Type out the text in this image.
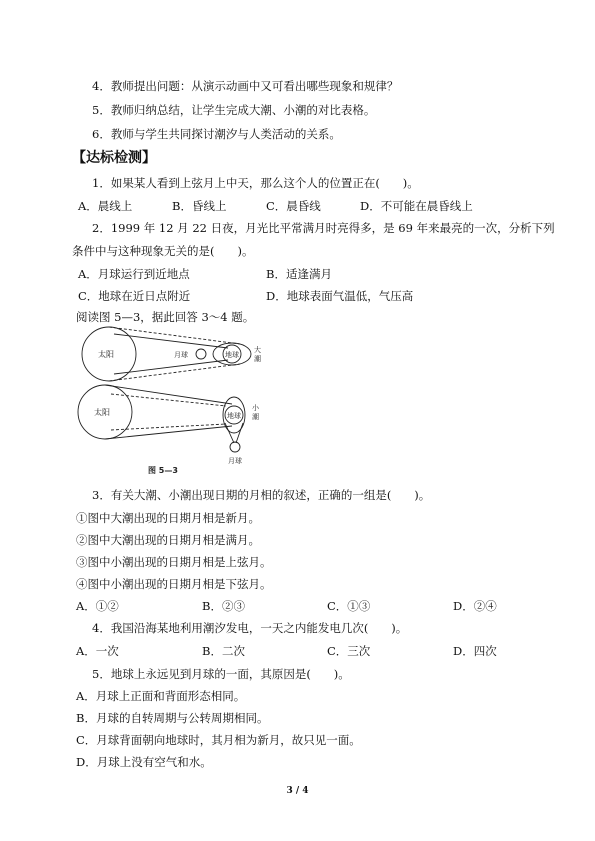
4．教师提出问题：从演示动画中又可看出哪些现象和规律？
5．教师归纳总结，让学生完成大潮、小潮的对比表格。
6．教师与学生共同探讨潮汐与人类活动的关系。
【达标检测】
1．如果某人看到上弦月上中天，那么这个人的位置正在(　　)。
A．晨线上	B．昏线上	C．晨昏线	D．不可能在晨昏线上
2．1999 年 12 月 22 日夜，月光比平常满月时亮得多，是 69 年来最亮的一次，分析下列
条件中与这种现象无关的是(　　)。
A．月球运行到近地点	B．适逢满月
C．地球在近日点附近	D．地球表面气温低，气压高
阅读图 5—3，据此回答 3～4 题。
太阳	月球	地球
大
潮
太阳	地球
小
潮
月球
图 5—3
3．有关大潮、小潮出现日期的月相的叙述，正确的一组是(　　)。
①图中大潮出现的日期月相是新月。
②图中大潮出现的日期月相是满月。
③图中小潮出现的日期月相是上弦月。
④图中小潮出现的日期月相是下弦月。
A．①②	B．②③	C．①③	D．②④
4．我国沿海某地利用潮汐发电，一天之内能发电几次(　　)。
A．一次	B．二次	C．三次	D．四次
5．地球上永远见到月球的一面，其原因是(　　)。
A．月球上正面和背面形态相同。
B．月球的自转周期与公转周期相同。
C．月球背面朝向地球时，其月相为新月，故只见一面。
D．月球上没有空气和水。
3 / 4
